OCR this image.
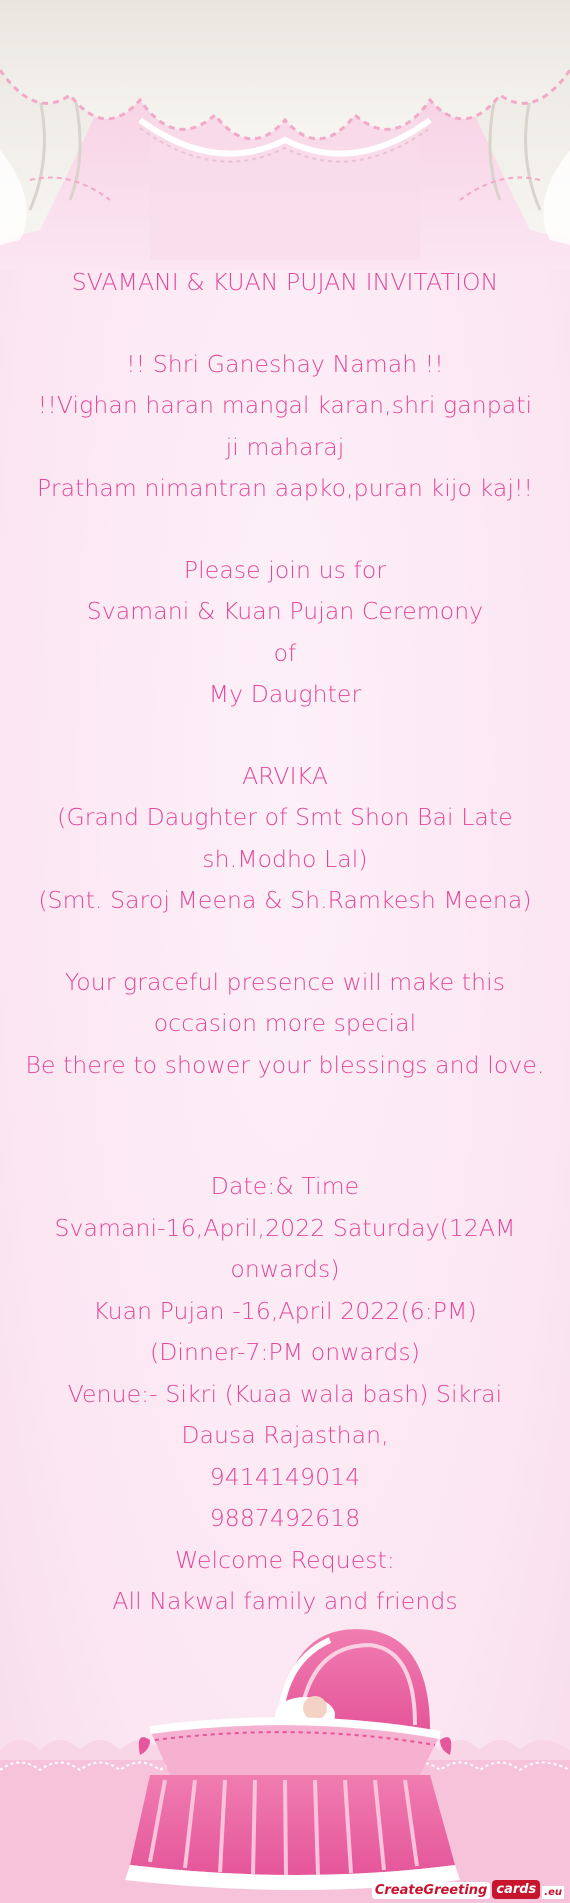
SVAMANI & KUAN PUJAN INVITATION
!! Shri Ganeshay Namah !!
!!Vighan haran mangal karan,shri ganpati ji maharaj
Pratham nimantran aapko,puran kijo kaj!!
Please join us for
Svamani & Kuan Pujan Ceremony
of
My Daughter
ARVIKA
(Grand Daughter of Smt Shon Bai Late sh.Modho Lal)
(Smt. Saroj Meena & Sh.Ramkesh Meena)
Your graceful presence will make this occasion more special
Be there to shower your blessings and love.
Date:& Time
Svamani-16,April,2022 Saturday(12AM onwards)
Kuan Pujan -16,April 2022(6:PM)
(Dinner-7:PM onwards)
Venue:- Sikri (Kuaa wala bash) Sikrai Dausa Rajasthan,
9414149014
9887492618
Welcome Request:
All Nakwal family and friends
CreateGreeting cards .eu
